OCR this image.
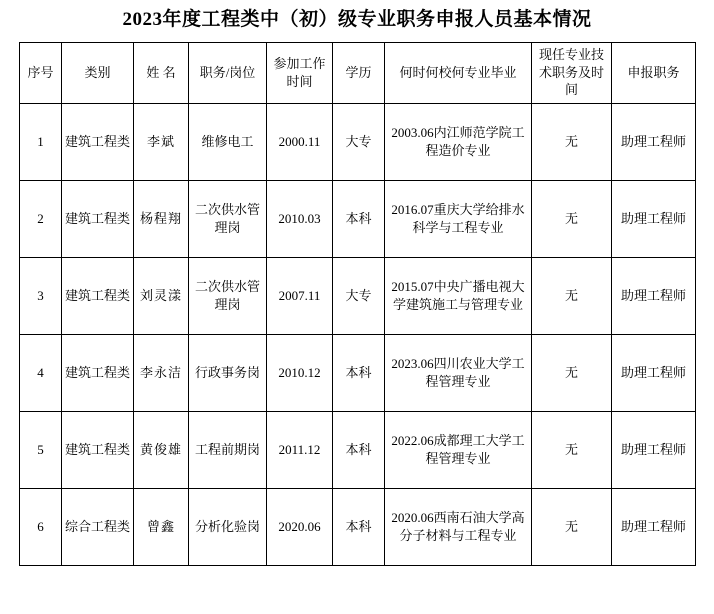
2023年度工程类中（初）级专业职务申报人员基本情况
序号	类别	姓 名	职务/岗位	参加工作时间	学历	何时何校何专业毕业	现任专业技术职务及时间	申报职务
1	建筑工程类	李斌	维修电工	2000.11	大专	2003.06内江师范学院工程造价专业	无	助理工程师
2	建筑工程类	杨程翔	二次供水管理岗	2010.03	本科	2016.07重庆大学给排水科学与工程专业	无	助理工程师
3	建筑工程类	刘灵漾	二次供水管理岗	2007.11	大专	2015.07中央广播电视大学建筑施工与管理专业	无	助理工程师
4	建筑工程类	李永洁	行政事务岗	2010.12	本科	2023.06四川农业大学工程管理专业	无	助理工程师
5	建筑工程类	黄俊雄	工程前期岗	2011.12	本科	2022.06成都理工大学工程管理专业	无	助理工程师
6	综合工程类	曾鑫	分析化验岗	2020.06	本科	2020.06西南石油大学高分子材料与工程专业	无	助理工程师
